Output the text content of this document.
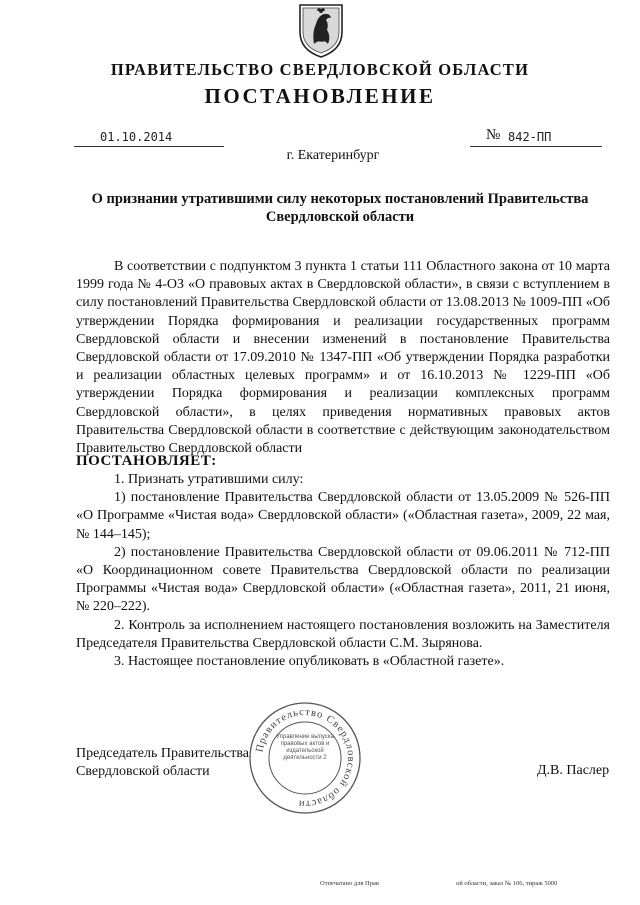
ПРАВИТЕЛЬСТВО СВЕРДЛОВСКОЙ ОБЛАСТИ
ПОСТАНОВЛЕНИЕ
01.10.2014	№ 842-ПП
г. Екатеринбург
О признании утратившими силу некоторых постановлений Правительства Свердловской области

В соответствии с подпунктом 3 пункта 1 статьи 111 Областного закона от 10 марта 1999 года № 4-ОЗ «О правовых актах в Свердловской области», в связи с вступлением в силу постановлений Правительства Свердловской области от 13.08.2013 № 1009-ПП «Об утверждении Порядка формирования и реализации государственных программ Свердловской области и внесении изменений в постановление Правительства Свердловской области от 17.09.2010 № 1347-ПП «Об утверждении Порядка разработки и реализации областных целевых программ» и от 16.10.2013 № 1229-ПП «Об утверждении Порядка формирования и реализации комплексных программ Свердловской области», в целях приведения нормативных правовых актов Правительства Свердловской области в соответствие с действующим законодательством Правительство Свердловской области

ПОСТАНОВЛЯЕТ:

1. Признать утратившими силу:

1) постановление Правительства Свердловской области от 13.05.2009 № 526-ПП «О Программе «Чистая вода» Свердловской области» («Областная газета», 2009, 22 мая, № 144–145);

2) постановление Правительства Свердловской области от 09.06.2011 № 712-ПП «О Координационном совете Правительства Свердловской области по реализации Программы «Чистая вода» Свердловской области» («Областная газета», 2011, 21 июня, № 220–222).

2. Контроль за исполнением настоящего постановления возложить на Заместителя Председателя Правительства Свердловской области С.М. Зырянова.

3. Настоящее постановление опубликовать в «Областной газете».

Председатель Правительства
Свердловской области	Д.В. Паслер
Правительство Свердловской области
Управление выпуска правовых актов и издательской деятельности 2
Отпечатано для Прав	ой области, заказ № 106, тираж 5000
